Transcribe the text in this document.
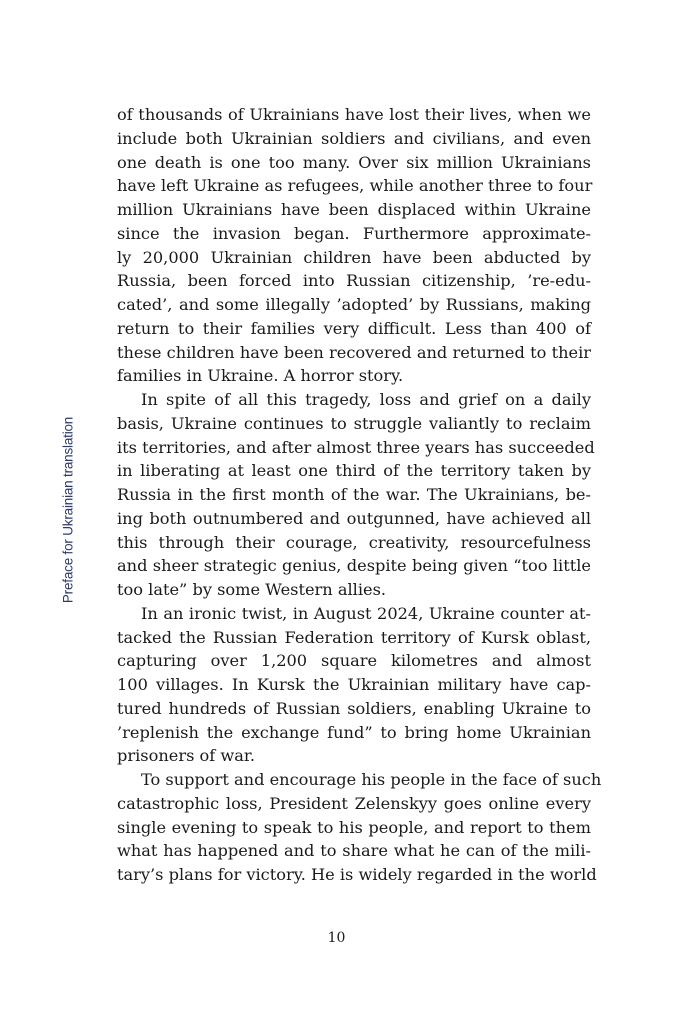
Preface for Ukrainian translation
of thousands of Ukrainians have lost their lives, when we
include both Ukrainian soldiers and civilians, and even
one death is one too many. Over six million Ukrainians
have left Ukraine as refugees, while another three to four
million Ukrainians have been displaced within Ukraine
since the invasion began. Furthermore approximate-
ly 20,000 Ukrainian children have been abducted by
Russia, been forced into Russian citizenship, ’re-edu-
cated’, and some illegally ’adopted’ by Russians, making
return to their families very difficult. Less than 400 of
these children have been recovered and returned to their
families in Ukraine. A horror story.
In spite of all this tragedy, loss and grief on a daily
basis, Ukraine continues to struggle valiantly to reclaim
its territories, and after almost three years has succeeded
in liberating at least one third of the territory taken by
Russia in the first month of the war. The Ukrainians, be-
ing both outnumbered and outgunned, have achieved all
this through their courage, creativity, resourcefulness
and sheer strategic genius, despite being given “too little
too late” by some Western allies.
In an ironic twist, in August 2024, Ukraine counter at-
tacked the Russian Federation territory of Kursk oblast,
capturing over 1,200 square kilometres and almost
100 villages. In Kursk the Ukrainian military have cap-
tured hundreds of Russian soldiers, enabling Ukraine to
’replenish the exchange fund” to bring home Ukrainian
prisoners of war.
To support and encourage his people in the face of such
catastrophic loss, President Zelenskyy goes online every
single evening to speak to his people, and report to them
what has happened and to share what he can of the mili-
tary’s plans for victory. He is widely regarded in the world
10
